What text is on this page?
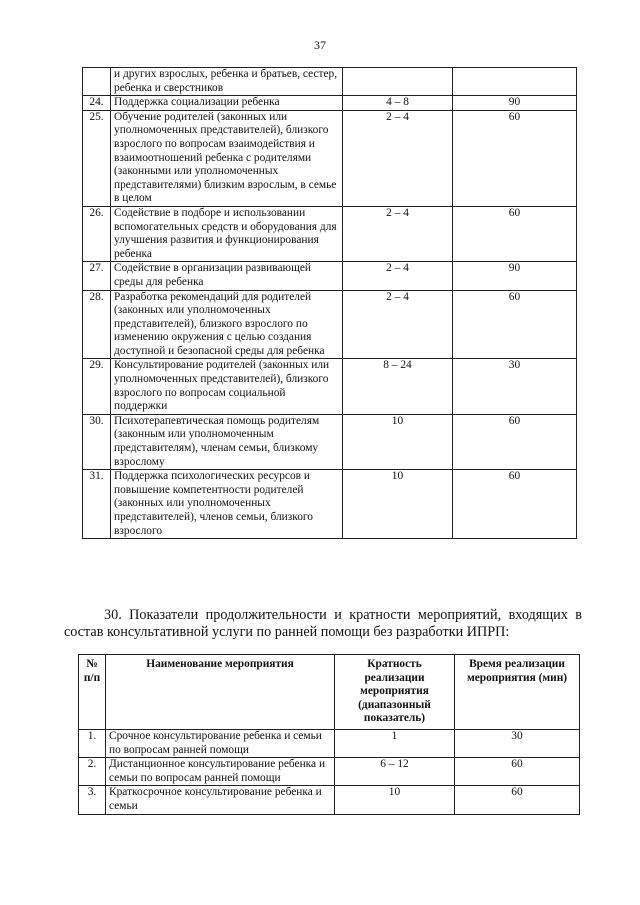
37
	и других взрослых, ребенка и братьев, сестер, ребенка и сверстников		
24.	Поддержка социализации ребенка	4 – 8	90
25.	Обучение родителей (законных или уполномоченных представителей), близкого взрослого по вопросам взаимодействия и взаимоотношений ребенка с родителями (законными или уполномоченных представителями) близким взрослым, в семье в целом	2 – 4	60
26.	Содействие в подборе и использовании вспомогательных средств и оборудования для улучшения развития и функционирования ребенка	2 – 4	60
27.	Содействие в организации развивающей среды для ребенка	2 – 4	90
28.	Разработка рекомендаций для родителей (законных или уполномоченных представителей), близкого взрослого по изменению окружения с целью создания доступной и безопасной среды для ребенка	2 – 4	60
29.	Консультирование родителей (законных или уполномоченных представителей), близкого взрослого по вопросам социальной поддержки	8 – 24	30
30.	Психотерапевтическая помощь родителям (законным или уполномоченным представителям), членам семьи, близкому взрослому	10	60
31.	Поддержка психологических ресурсов и повышение компетентности родителей (законных или уполномоченных представителей), членов семьи, близкого взрослого	10	60
30. Показатели продолжительности и кратности мероприятий, входящих в состав консультативной услуги по ранней помощи без разработки ИПРП:
№ п/п	Наименование мероприятия	Кратность реализации мероприятия (диапазонный показатель)	Время реализации мероприятия (мин)
1.	Срочное консультирование ребенка и семьи по вопросам ранней помощи	1	30
2.	Дистанционное консультирование ребенка и семьи по вопросам ранней помощи	6 – 12	60
3.	Краткосрочное консультирование ребенка и семьи	10	60
